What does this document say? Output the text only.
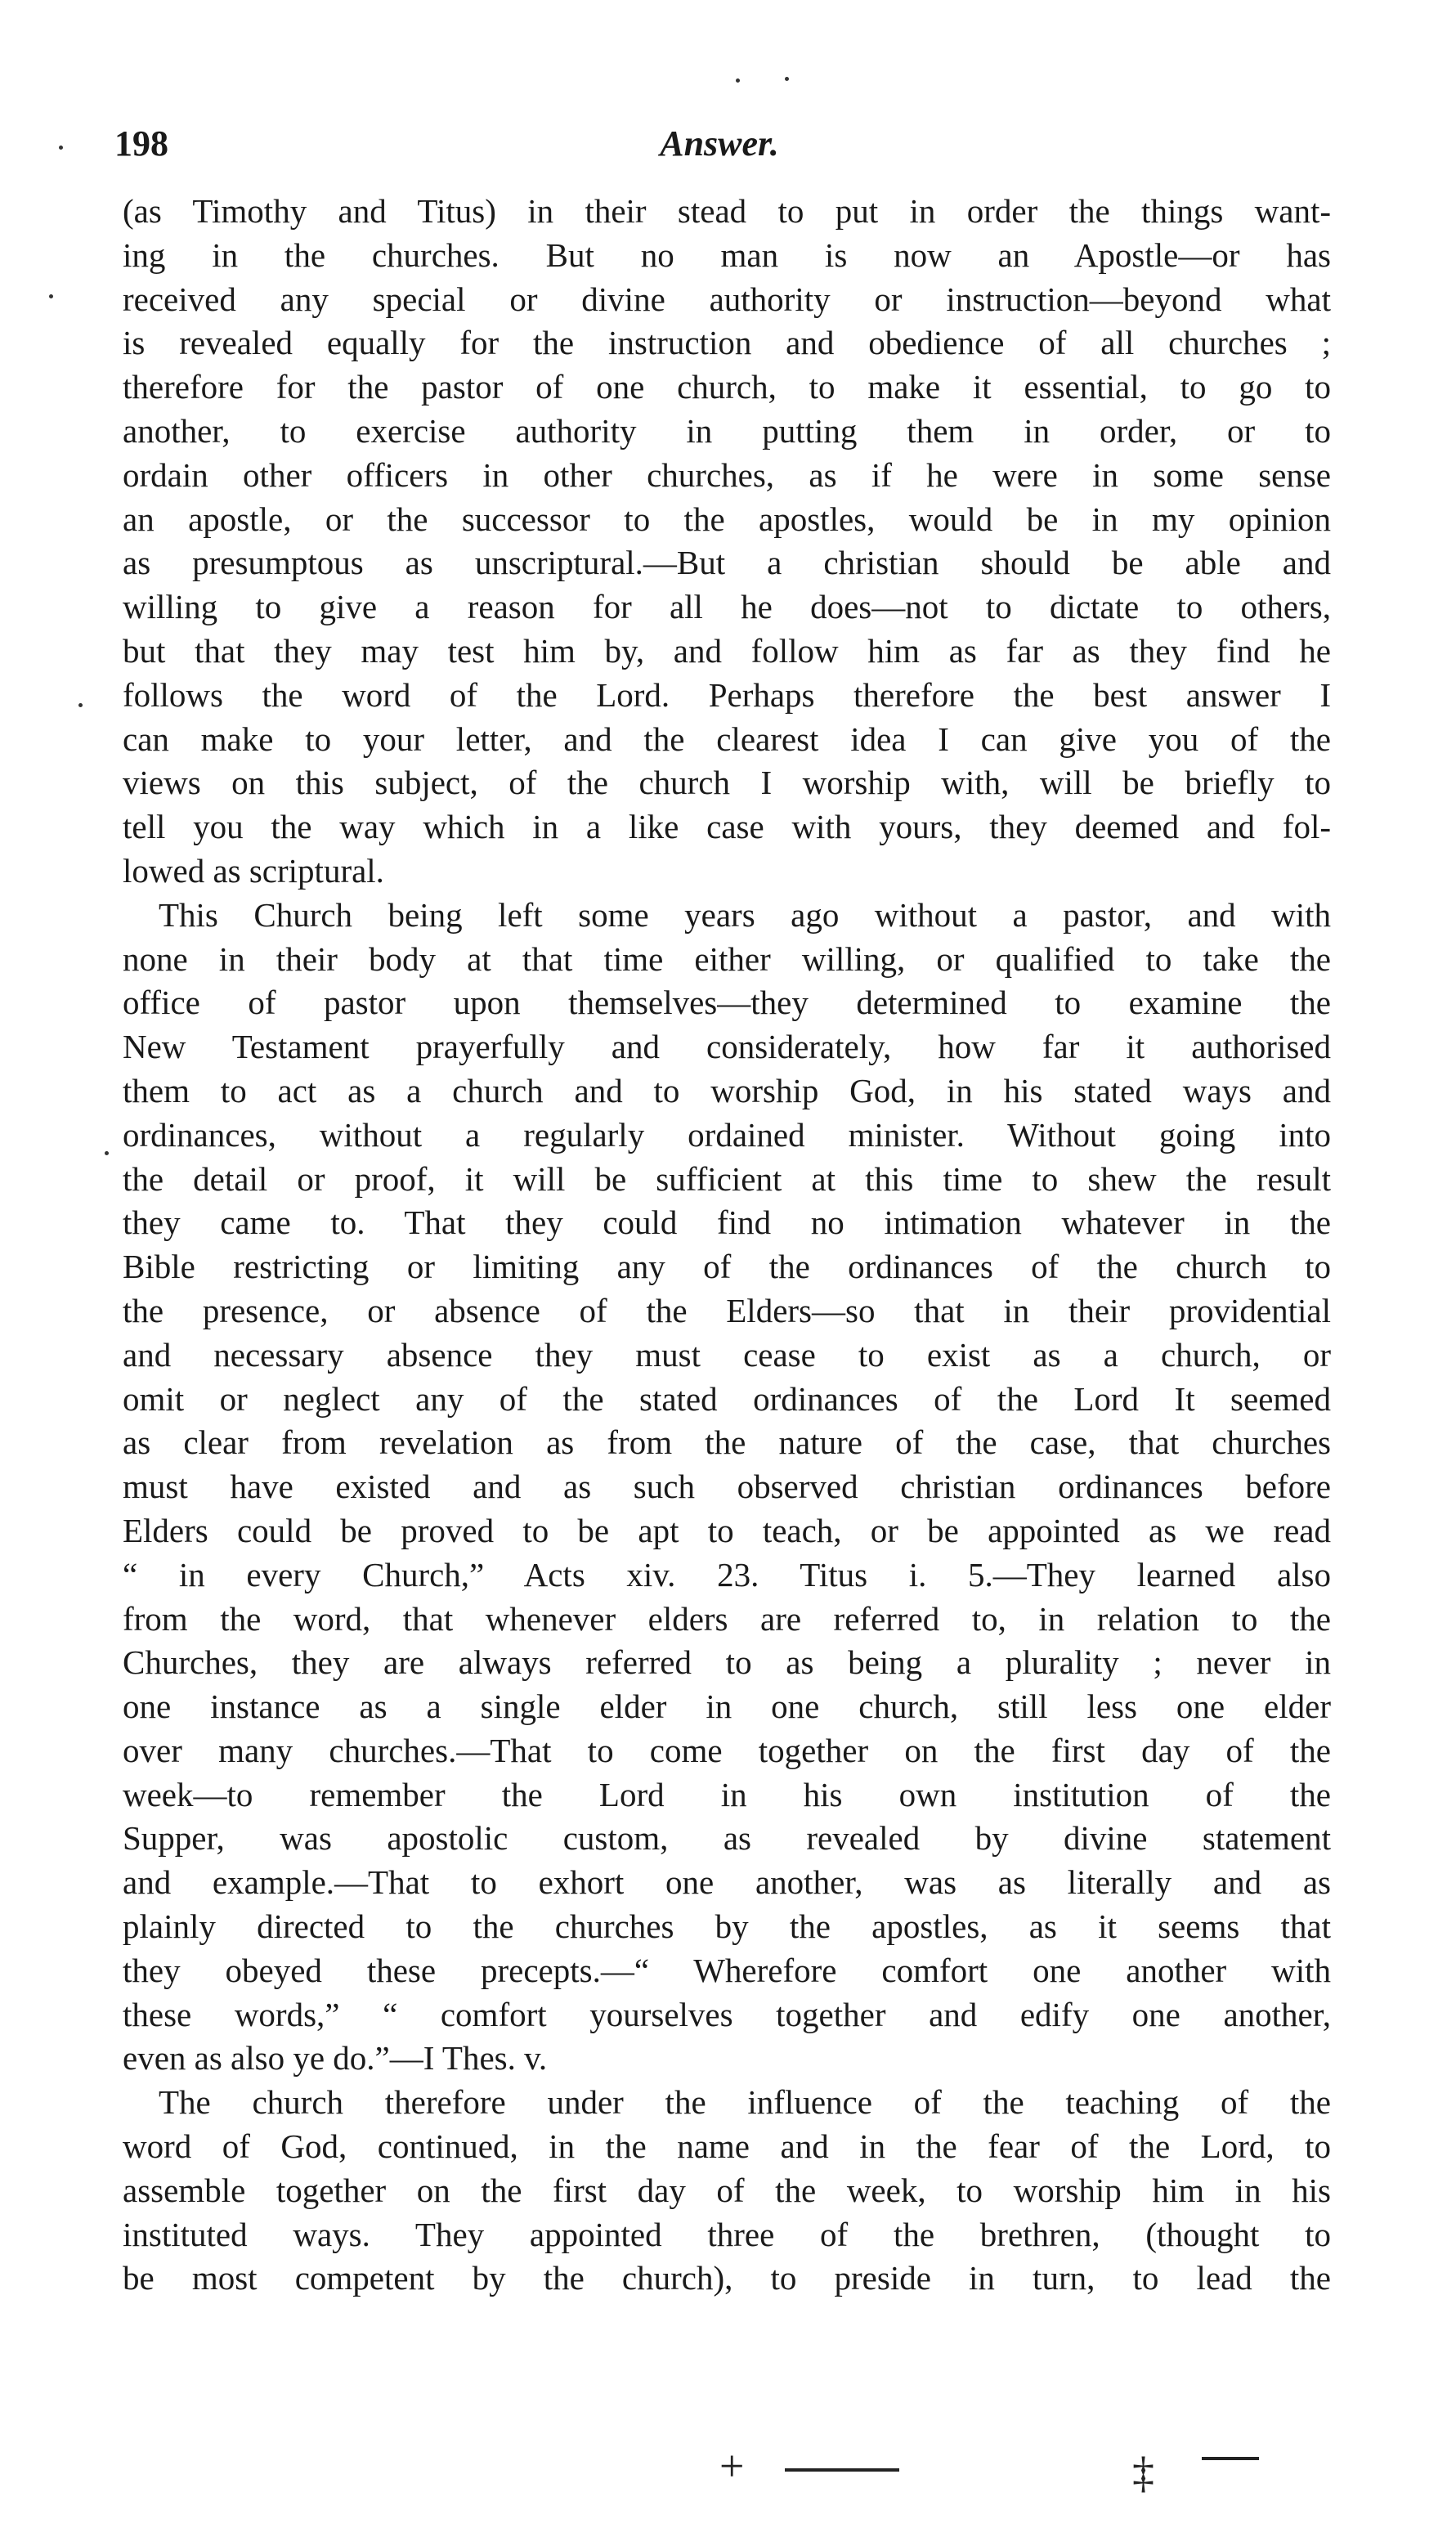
198	Answer.
(as Timothy and Titus) in their stead to put in order the things want-
ing in the churches. But no man is now an Apostle—or has
received any special or divine authority or instruction—beyond what
is revealed equally for the instruction and obedience of all churches ;
therefore for the pastor of one church, to make it essential, to go to
another, to exercise authority in putting them in order, or to
ordain other officers in other churches, as if he were in some sense
an apostle, or the successor to the apostles, would be in my opinion
as presumptous as unscriptural.—But a christian should be able and
willing to give a reason for all he does—not to dictate to others,
but that they may test him by, and follow him as far as they find he
follows the word of the Lord. Perhaps therefore the best answer I
can make to your letter, and the clearest idea I can give you of the
views on this subject, of the church I worship with, will be briefly to
tell you the way which in a like case with yours, they deemed and fol-
lowed as scriptural.
This Church being left some years ago without a pastor, and with
none in their body at that time either willing, or qualified to take the
office of pastor upon themselves—they determined to examine the
New Testament prayerfully and considerately, how far it authorised
them to act as a church and to worship God, in his stated ways and
ordinances, without a regularly ordained minister. Without going into
the detail or proof, it will be sufficient at this time to shew the result
they came to. That they could find no intimation whatever in the
Bible restricting or limiting any of the ordinances of the church to
the presence, or absence of the Elders—so that in their providential
and necessary absence they must cease to exist as a church, or
omit or neglect any of the stated ordinances of the Lord It seemed
as clear from revelation as from the nature of the case, that churches
must have existed and as such observed christian ordinances before
Elders could be proved to be apt to teach, or be appointed as we read
“ in every Church,” Acts xiv. 23. Titus i. 5.—They learned also
from the word, that whenever elders are referred to, in relation to the
Churches, they are always referred to as being a plurality ; never in
one instance as a single elder in one church, still less one elder
over many churches.—That to come together on the first day of the
week—to remember the Lord in his own institution of the
Supper, was apostolic custom, as revealed by divine statement
and example.—That to exhort one another, was as literally and as
plainly directed to the churches by the apostles, as it seems that
they obeyed these precepts.—“ Wherefore comfort one another with
these words,” “ comfort yourselves together and edify one another,
even as also ye do.”—I Thes. v.
The church therefore under the influence of the teaching of the
word of God, continued, in the name and in the fear of the Lord, to
assemble together on the first day of the week, to worship him in his
instituted ways. They appointed three of the brethren, (thought to
be most competent by the church), to preside in turn, to lead the
+	‡
